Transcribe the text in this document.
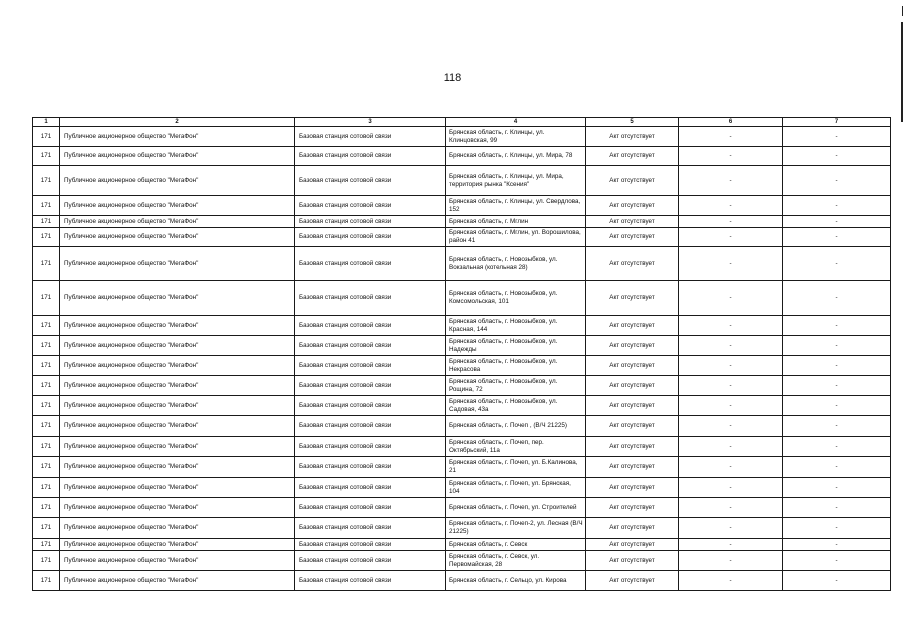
118
1	2	3	4	5	6	7
171	Публичное акционерное общество "МегаФон"	Базовая станция сотовой связи	Брянская область, г. Клинцы, ул. Клинцовская, 99	Акт отсутствует	-	-
171	Публичное акционерное общество "МегаФон"	Базовая станция сотовой связи	Брянская область, г. Клинцы, ул. Мира, 78	Акт отсутствует	-	-
171	Публичное акционерное общество "МегаФон"	Базовая станция сотовой связи	Брянская область, г. Клинцы, ул. Мира, территория рынка "Ксения"	Акт отсутствует	-	-
171	Публичное акционерное общество "МегаФон"	Базовая станция сотовой связи	Брянская область, г. Клинцы, ул. Свердлова, 152	Акт отсутствует	-	-
171	Публичное акционерное общество "МегаФон"	Базовая станция сотовой связи	Брянская область, г. Мглин	Акт отсутствует	-	-
171	Публичное акционерное общество "МегаФон"	Базовая станция сотовой связи	Брянская область, г. Мглин, ул. Ворошилова, район 41	Акт отсутствует	-	-
171	Публичное акционерное общество "МегаФон"	Базовая станция сотовой связи	Брянская область, г. Новозыбков, ул. Вокзальная (котельная 28)	Акт отсутствует	-	-
171	Публичное акционерное общество "МегаФон"	Базовая станция сотовой связи	Брянская область, г. Новозыбков, ул. Комсомольская, 101	Акт отсутствует	-	-
171	Публичное акционерное общество "МегаФон"	Базовая станция сотовой связи	Брянская область, г. Новозыбков, ул. Красная, 144	Акт отсутствует	-	-
171	Публичное акционерное общество "МегаФон"	Базовая станция сотовой связи	Брянская область, г. Новозыбков, ул. Надежды	Акт отсутствует	-	-
171	Публичное акционерное общество "МегаФон"	Базовая станция сотовой связи	Брянская область, г. Новозыбков, ул. Некрасова	Акт отсутствует	-	-
171	Публичное акционерное общество "МегаФон"	Базовая станция сотовой связи	Брянская область, г. Новозыбков, ул. Рощина, 72	Акт отсутствует	-	-
171	Публичное акционерное общество "МегаФон"	Базовая станция сотовой связи	Брянская область, г. Новозыбков, ул. Садовая, 43а	Акт отсутствует	-	-
171	Публичное акционерное общество "МегаФон"	Базовая станция сотовой связи	Брянская область, г. Почеп , (В/Ч 21225)	Акт отсутствует	-	-
171	Публичное акционерное общество "МегаФон"	Базовая станция сотовой связи	Брянская область, г. Почеп, пер. Октябрьский, 11а	Акт отсутствует	-	-
171	Публичное акционерное общество "МегаФон"	Базовая станция сотовой связи	Брянская область, г. Почеп, ул. Б.Калинова, 21	Акт отсутствует	-	-
171	Публичное акционерное общество "МегаФон"	Базовая станция сотовой связи	Брянская область, г. Почеп, ул. Брянская, 104	Акт отсутствует	-	-
171	Публичное акционерное общество "МегаФон"	Базовая станция сотовой связи	Брянская область, г. Почеп, ул. Строителей	Акт отсутствует	-	-
171	Публичное акционерное общество "МегаФон"	Базовая станция сотовой связи	Брянская область, г. Почеп-2, ул. Лесная (В/Ч 21225)	Акт отсутствует	-	-
171	Публичное акционерное общество "МегаФон"	Базовая станция сотовой связи	Брянская область, г. Севск	Акт отсутствует	-	-
171	Публичное акционерное общество "МегаФон"	Базовая станция сотовой связи	Брянская область, г. Севск, ул. Первомайская, 28	Акт отсутствует	-	-
171	Публичное акционерное общество "МегаФон"	Базовая станция сотовой связи	Брянская область, г. Сельцо, ул. Кирова	Акт отсутствует	-	-
